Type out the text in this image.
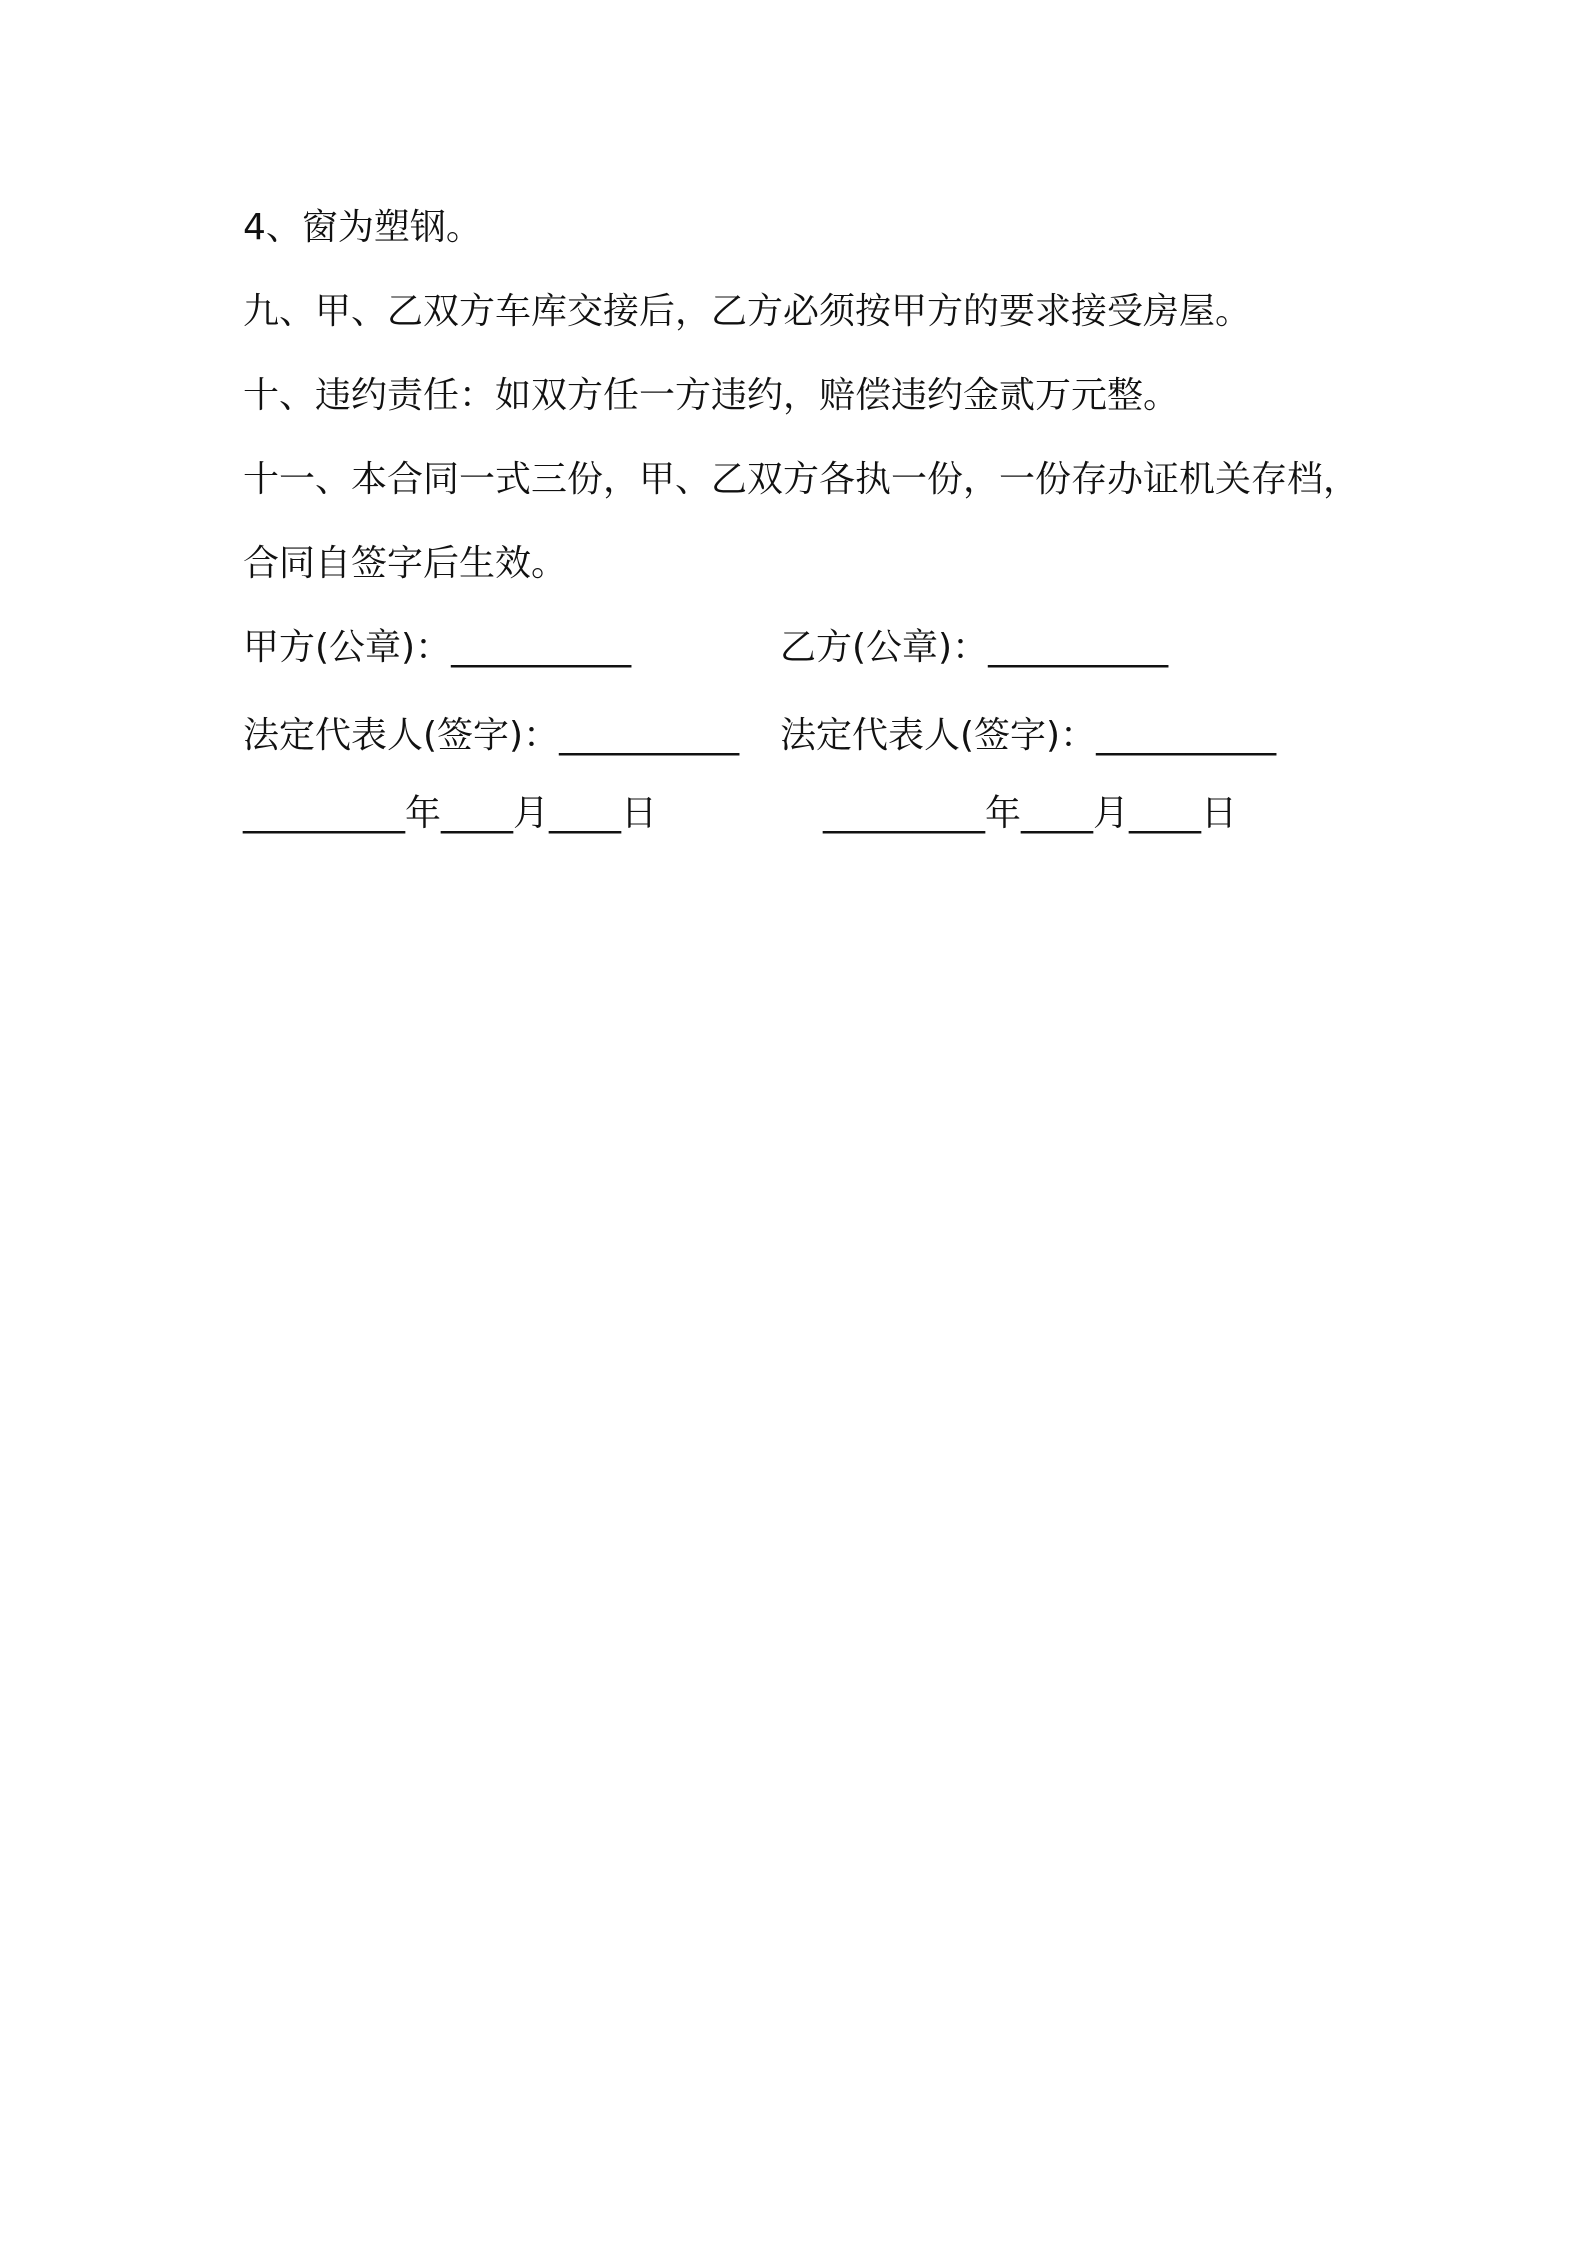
4、窗为塑钢。
九、甲、乙双方车库交接后，乙方必须按甲方的要求接受房屋。
十、违约责任：如双方任一方违约，赔偿违约金贰万元整。
十一、本合同一式三份，甲、乙双方各执一份，一份存办证机关存档，
合同自签字后生效。
甲方(公章)：__________	乙方(公章)：__________
法定代表人(签字)：__________ 法定代表人(签字)：__________
_________年____月____日	_________年____月____日
